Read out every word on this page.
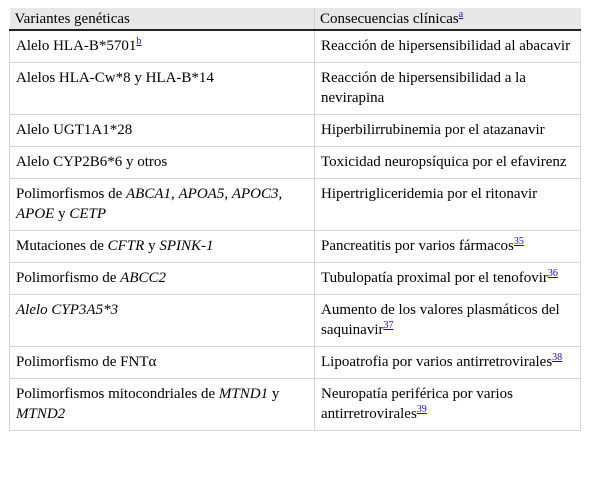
Variantes genéticas	Consecuencias clínicas$^a$
Alelo HLA-B*5701$^b$	Reacción de hipersensibilidad al abacavir
Alelos HLA-Cw*8 y HLA-B*14	Reacción de hipersensibilidad a la nevirapina
Alelo UGT1A1*28	Hiperbilirrubinemia por el atazanavir
Alelo CYP2B6*6 y otros	Toxicidad neuropsíquica por el efavirenz
Polimorfismos de ABCA1, APOA5, APOC3, APOE y CETP	Hipertrigliceridemia por el ritonavir
Mutaciones de CFTR y SPINK-1	Pancreatitis por varios fármacos$^{35}$
Polimorfismo de ABCC2	Tubulopatía proximal por el tenofovir$^{36}$
Alelo CYP3A5*3	Aumento de los valores plasmáticos del saquinavir$^{37}$
Polimorfismo de FNTα	Lipoatrofia por varios antirretrovirales$^{38}$
Polimorfismos mitocondriales de MTND1 y MTND2	Neuropatía periférica por varios antirretrovirales$^{39}$
